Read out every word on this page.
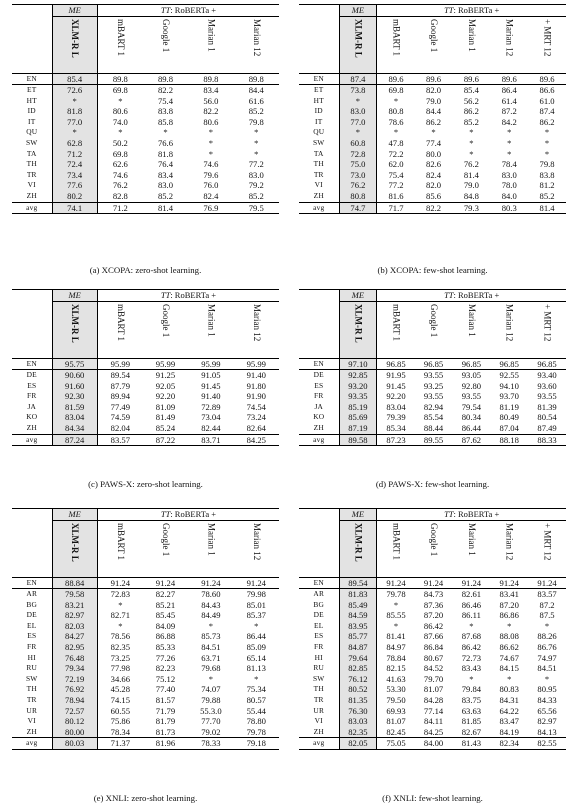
	ME	TT: RoBERTa +			
	XLM-R L	mBART 1	Google 1	Marian 1	Marian 12
EN	85.4	89.8	89.8	89.8	89.8
ET	72.6	69.8	82.2	83.4	84.4
HT	*	*	75.4	56.0	61.6
ID	81.8	80.6	83.8	82.2	85.2
IT	77.0	74.0	85.8	80.6	79.8
QU	*	*	*	*	*
SW	62.8	50.2	76.6	*	*
TA	71.2	69.8	81.8	*	*
TH	72.4	62.6	76.4	74.6	77.2
TR	73.4	74.6	83.4	79.6	83.0
VI	77.6	76.2	83.0	76.0	79.2
ZH	80.2	82.8	85.2	82.4	85.2
avg	74.1	71.2	81.4	76.9	79.5
	ME	TT: RoBERTa +				
	XLM-R L	mBART 1	Google 1	Marian 1	Marian 12	+ MRT 12
EN	87.4	89.6	89.6	89.6	89.6	89.6
ET	73.8	69.8	82.0	85.4	86.4	86.6
HT	*	*	79.0	56.2	61.4	61.0
ID	83.0	80.8	84.4	86.2	87.2	87.4
IT	77.0	78.6	86.2	85.2	84.2	86.2
QU	*	*	*	*	*	*
SW	60.8	47.8	77.4	*	*	*
TA	72.8	72.2	80.0	*	*	*
TH	75.0	62.0	82.6	76.2	78.4	79.8
TR	73.0	75.4	82.4	81.4	83.0	83.8
VI	76.2	77.2	82.0	79.0	78.0	81.2
ZH	80.8	81.6	85.6	84.8	84.0	85.2
avg	74.7	71.7	82.2	79.3	80.3	81.4
	ME	TT: RoBERTa +			
	XLM-R L	mBART 1	Google 1	Marian 1	Marian 12
EN	95.75	95.99	95.99	95.99	95.99
DE	90.60	89.54	91.25	91.05	91.40
ES	91.60	87.79	92.05	91.45	91.80
FR	92.30	89.94	92.20	91.40	91.90
JA	81.59	77.49	81.09	72.89	74.54
KO	83.04	74.59	81.49	73.04	73.24
ZH	84.34	82.04	85.24	82.44	82.64
avg	87.24	83.57	87.22	83.71	84.25
	ME	TT: RoBERTa +				
	XLM-R L	mBART 1	Google 1	Marian 1	Marian 12	+ MRT 12
EN	97.10	96.85	96.85	96.85	96.85	96.85
DE	92.85	91.95	93.55	93.05	92.55	93.40
ES	93.20	91.45	93.25	92.80	94.10	93.60
FR	93.35	92.20	93.55	93.55	93.70	93.55
JA	85.19	83.04	82.94	79.54	81.19	81.39
KO	85.69	79.39	85.54	80.34	80.49	80.54
ZH	87.19	85.34	88.44	86.44	87.04	87.49
avg	89.58	87.23	89.55	87.62	88.18	88.33
	ME	TT: RoBERTa +			
	XLM-R L	mBART 1	Google 1	Marian 1	Marian 12
EN	88.84	91.24	91.24	91.24	91.24
AR	79.58	72.83	82.27	78.60	79.98
BG	83.21	*	85.21	84.43	85.01
DE	82.97	82.71	85.45	84.49	85.37
EL	82.03	*	84.09	*	*
ES	84.27	78.56	86.88	85.73	86.44
FR	82.95	82.35	85.33	84.51	85.09
HI	76.48	73.25	77.26	63.71	65.14
RU	79.34	77.98	82.23	79.68	81.13
SW	72.19	34.66	75.12	*	*
TH	76.92	45.28	77.40	74.07	75.34
TR	78.94	74.15	81.57	79.88	80.57
UR	72.57	60.55	71.79	55.3.0	55.44
VI	80.12	75.86	81.79	77.70	78.80
ZH	80.00	78.34	81.73	79.02	79.78
avg	80.03	71.37	81.96	78.33	79.18
	ME	TT: RoBERTa +				
	XLM-R L	mBART 1	Google 1	Marian 1	Marian 12	+ MRT 12
EN	89.54	91.24	91.24	91.24	91.24	91.24
AR	81.83	79.78	84.73	82.61	83.41	83.57
BG	85.49	*	87.36	86.46	87.20	87.2
DE	84.59	85.55	87.20	86.11	86.86	87.5
EL	83.95	*	86.42	*	*	*
ES	85.77	81.41	87.66	87.68	88.08	88.26
FR	84.87	84.97	86.84	86.42	86.62	86.76
HI	79.64	78.84	80.67	72.73	74.67	74.97
RU	82.85	82.15	84.52	83.43	84.15	84.51
SW	76.12	41.63	79.70	*	*	*
TH	80.52	53.30	81.07	79.84	80.83	80.95
TR	81.35	79.50	84.28	83.75	84.31	84.33
UR	76.30	69.93	77.14	63.63	64.22	65.56
VI	83.03	81.07	84.11	81.85	83.47	82.97
ZH	82.35	82.45	84.25	82.67	84.19	84.13
avg	82.05	75.05	84.00	81.43	82.34	82.55
(a) XCOPA: zero-shot learning.	(b) XCOPA: few-shot learning.
(c) PAWS-X: zero-shot learning.	(d) PAWS-X: few-shot learning.
(e) XNLI: zero-shot learning.	(f) XNLI: few-shot learning.
